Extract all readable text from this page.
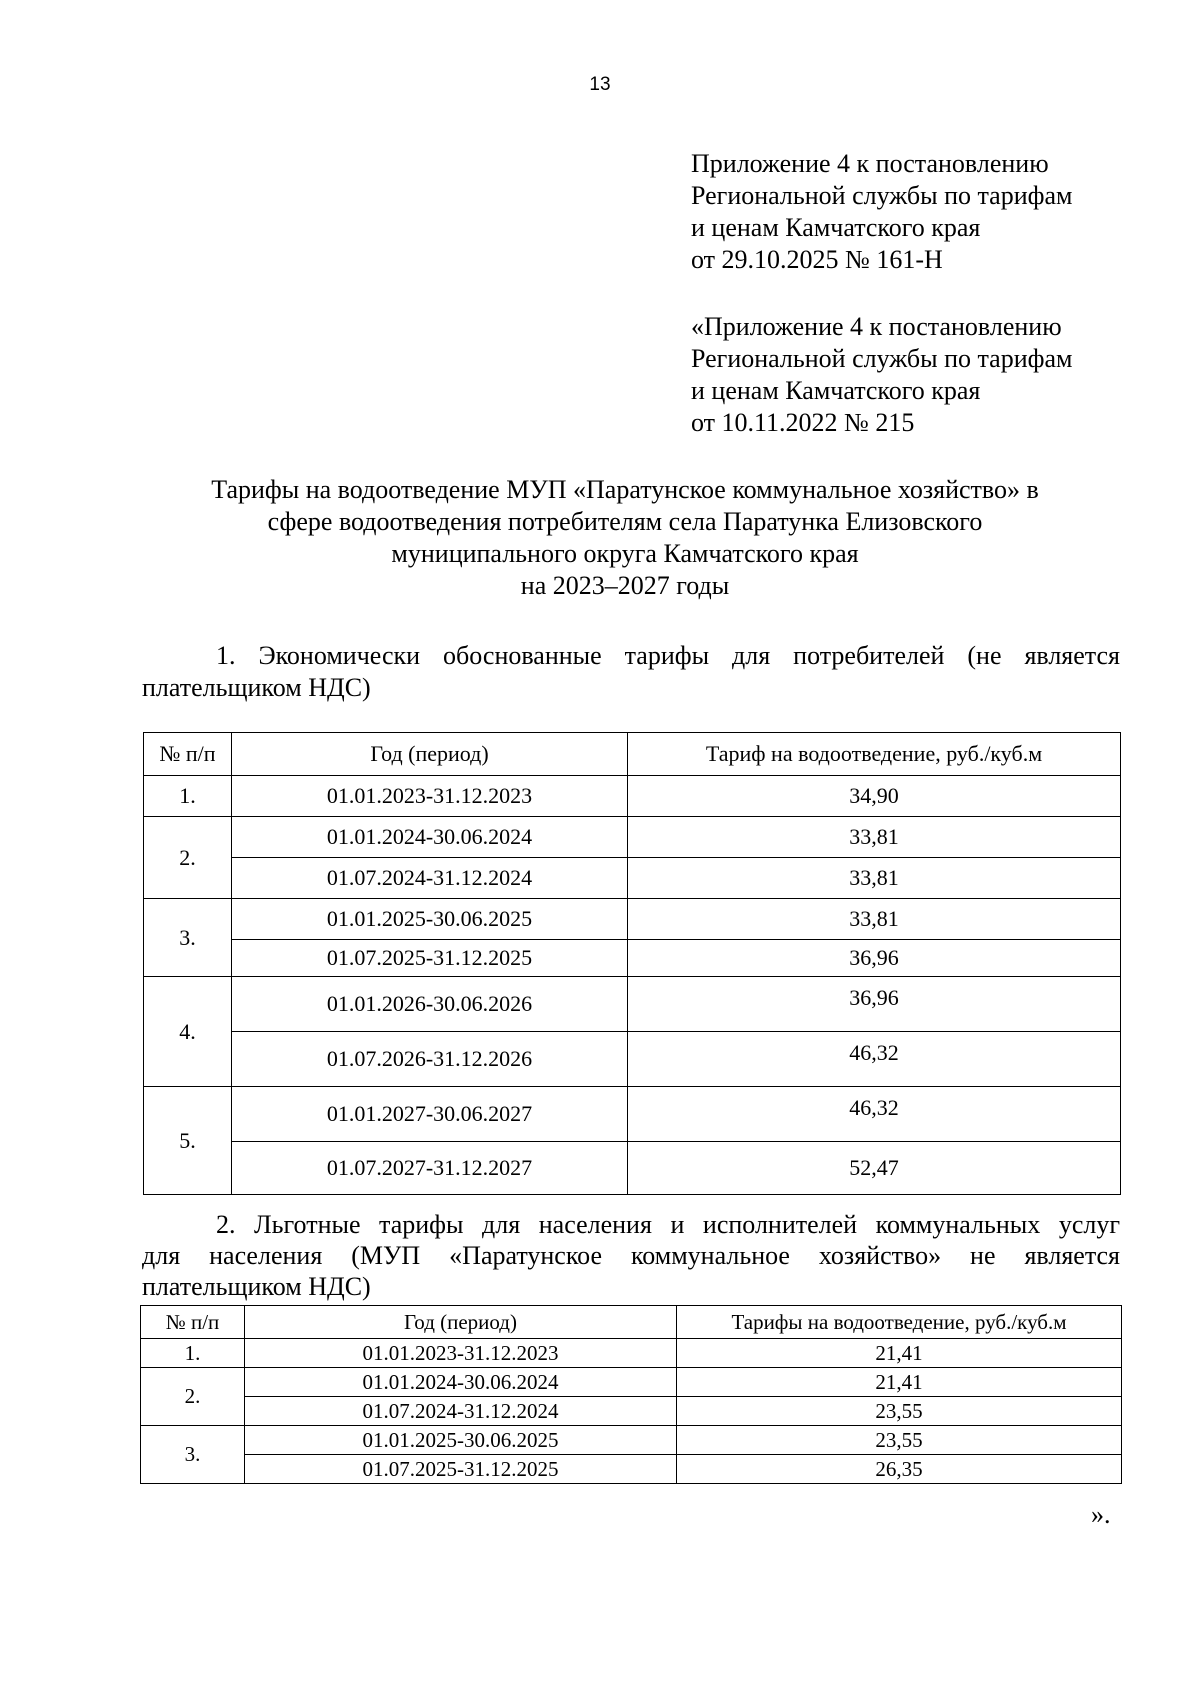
13
Приложение 4 к постановлению
Региональной службы по тарифам
и ценам Камчатского края
от 29.10.2025 № 161-Н
«Приложение 4 к постановлению
Региональной службы по тарифам
и ценам Камчатского края
от 10.11.2022 № 215
Тарифы на водоотведение МУП «Паратунское коммунальное хозяйство» в
сфере водоотведения потребителям села Паратунка Елизовского
муниципального округа Камчатского края
на 2023–2027 годы
1. Экономически обоснованные тарифы для потребителей (не является
плательщиком НДС)
№ п/п	Год (период)	Тариф на водоотведение, руб./куб.м
1.	01.01.2023-31.12.2023	34,90
2.	01.01.2024-30.06.2024	33,81
	01.07.2024-31.12.2024	33,81
3.	01.01.2025-30.06.2025	33,81
	01.07.2025-31.12.2025	36,96
4.	01.01.2026-30.06.2026	36,96
	01.07.2026-31.12.2026	46,32
5.	01.01.2027-30.06.2027	46,32
	01.07.2027-31.12.2027	52,47
2. Льготные тарифы для населения и исполнителей коммунальных услуг
для населения (МУП «Паратунское коммунальное хозяйство» не является
плательщиком НДС)
№ п/п	Год (период)	Тарифы на водоотведение, руб./куб.м
1.	01.01.2023-31.12.2023	21,41
2.	01.01.2024-30.06.2024	21,41
	01.07.2024-31.12.2024	23,55
3.	01.01.2025-30.06.2025	23,55
	01.07.2025-31.12.2025	26,35
».
